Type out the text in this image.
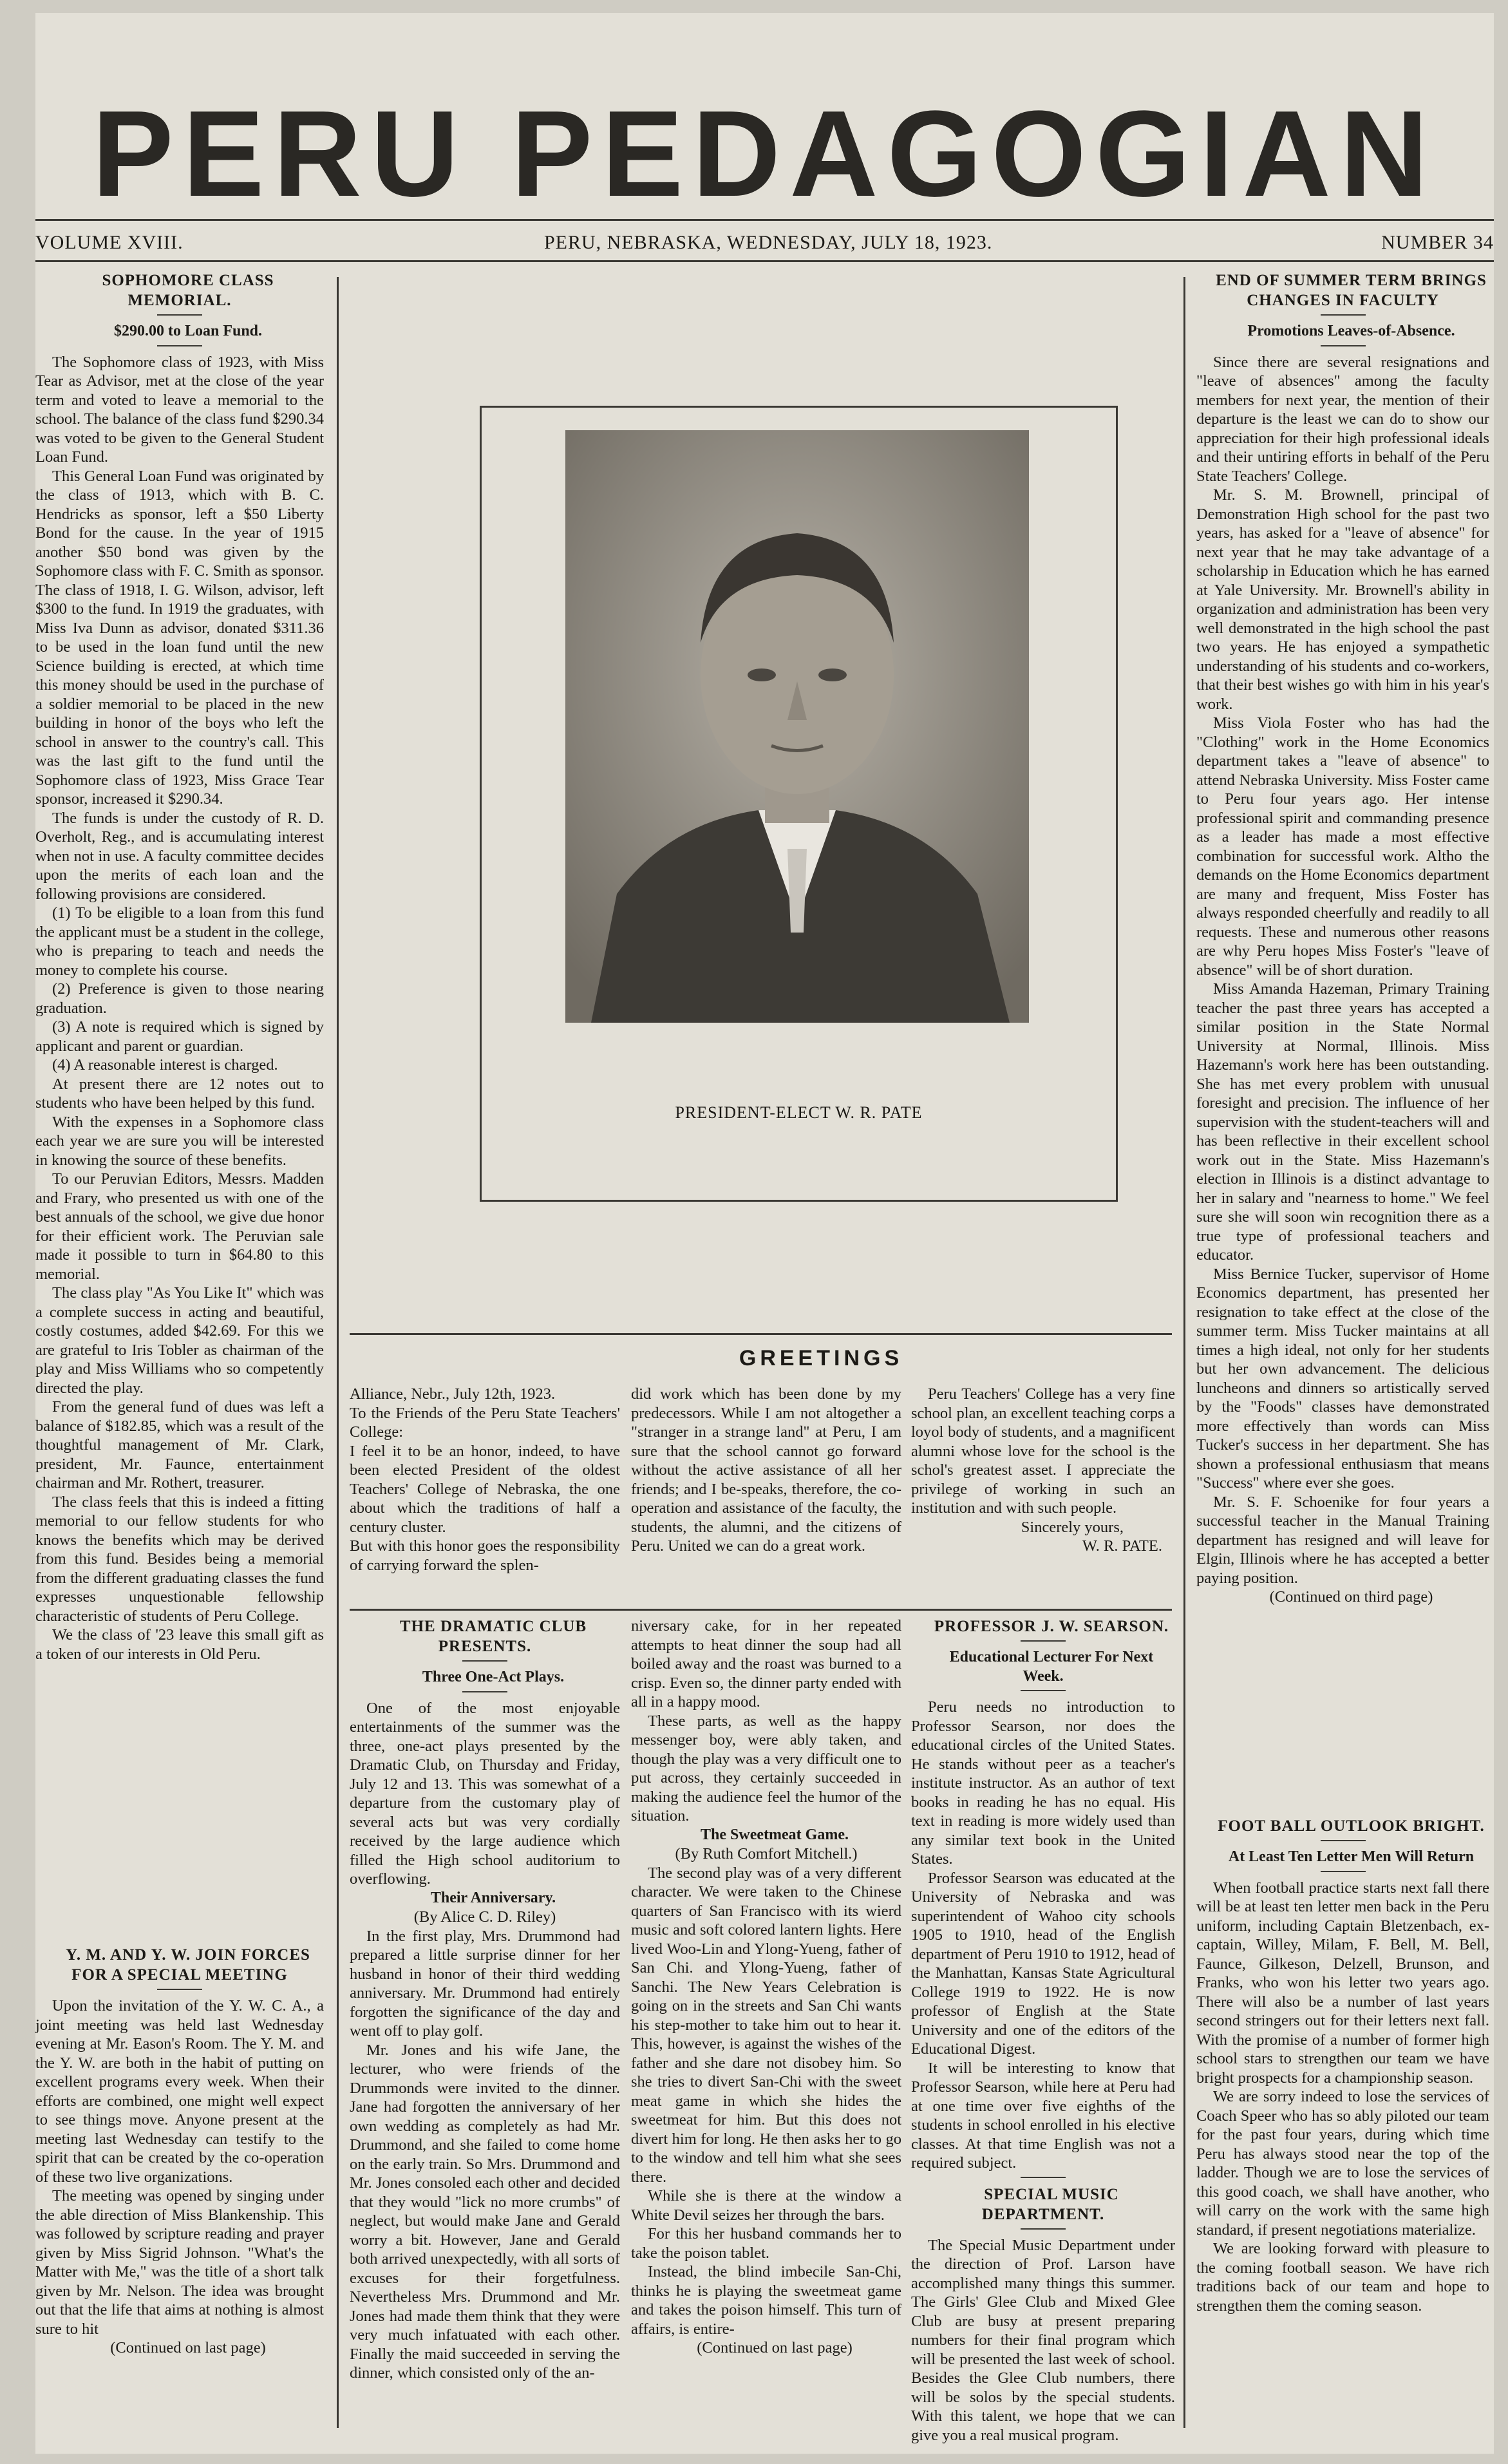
PERU PEDAGOGIAN
VOLUME XVIII.	PERU, NEBRASKA, WEDNESDAY, JULY 18, 1923.	NUMBER 34

SOPHOMORE CLASS MEMORIAL.

$290.00 to Loan Fund.

The Sophomore class of 1923, with Miss Tear as Advisor, met at the close of the year term and voted to leave a memorial to the school. The balance of the class fund $290.34 was voted to be given to the General Student Loan Fund.

This General Loan Fund was originated by the class of 1913, which with B. C. Hendricks as sponsor, left a $50 Liberty Bond for the cause. In the year of 1915 another $50 bond was given by the Sophomore class with F. C. Smith as sponsor. The class of 1918, I. G. Wilson, advisor, left $300 to the fund. In 1919 the graduates, with Miss Iva Dunn as advisor, donated $311.36 to be used in the loan fund until the new Science building is erected, at which time this money should be used in the purchase of a soldier memorial to be placed in the new building in honor of the boys who left the school in answer to the country's call. This was the last gift to the fund until the Sophomore class of 1923, Miss Grace Tear sponsor, increased it $290.34.

The funds is under the custody of R. D. Overholt, Reg., and is accumulating interest when not in use. A faculty committee decides upon the merits of each loan and the following provisions are considered.

(1) To be eligible to a loan from this fund the applicant must be a student in the college, who is preparing to teach and needs the money to complete his course.

(2) Preference is given to those nearing graduation.

(3) A note is required which is signed by applicant and parent or guardian.

(4) A reasonable interest is charged.

At present there are 12 notes out to students who have been helped by this fund.

With the expenses in a Sophomore class each year we are sure you will be interested in knowing the source of these benefits.

To our Peruvian Editors, Messrs. Madden and Frary, who presented us with one of the best annuals of the school, we give due honor for their efficient work. The Peruvian sale made it possible to turn in $64.80 to this memorial.

The class play "As You Like It" which was a complete success in acting and beautiful, costly costumes, added $42.69. For this we are grateful to Iris Tobler as chairman of the play and Miss Williams who so competently directed the play.

From the general fund of dues was left a balance of $182.85, which was a result of the thoughtful management of Mr. Clark, president, Mr. Faunce, entertainment chairman and Mr. Rothert, treasurer.

The class feels that this is indeed a fitting memorial to our fellow students for who knows the benefits which may be derived from this fund. Besides being a memorial from the different graduating classes the fund expresses unquestionable fellowship characteristic of students of Peru College.

We the class of '23 leave this small gift as a token of our interests in Old Peru.

Y. M. AND Y. W. JOIN FORCES FOR A SPECIAL MEETING

Upon the invitation of the Y. W. C. A., a joint meeting was held last Wednesday evening at Mr. Eason's Room. The Y. M. and the Y. W. are both in the habit of putting on excellent programs every week. When their efforts are combined, one might well expect to see things move. Anyone present at the meeting last Wednesday can testify to the spirit that can be created by the co-operation of these two live organizations.

The meeting was opened by singing under the able direction of Miss Blankenship. This was followed by scripture reading and prayer given by Miss Sigrid Johnson. "What's the Matter with Me," was the title of a short talk given by Mr. Nelson. The idea was brought out that the life that aims at nothing is almost sure to hit

(Continued on last page)

PRESIDENT-ELECT W. R. PATE
GREETINGS
Alliance, Nebr., July 12th, 1923.
To the Friends of the Peru State Teachers' College:
I feel it to be an honor, indeed, to have been elected President of the oldest Teachers' College of Nebraska, the one about which the traditions of half a century cluster.
But with this honor goes the responsibility of carrying forward the splen-
did work which has been done by my predecessors. While I am not altogether a "stranger in a strange land" at Peru, I am sure that the school cannot go forward without the active assistance of all her friends; and I be-speaks, therefore, the co-operation and assistance of the faculty, the students, the alumni, and the citizens of Peru. United we can do a great work.

Peru Teachers' College has a very fine school plan, an excellent teaching corps a loyol body of students, and a magnificent alumni whose love for the school is the schol's greatest asset. I appreciate the privilege of working in such an institution and with such people.

Sincerely yours,

W. R. PATE.

THE DRAMATIC CLUB PRESENTS.

Three One-Act Plays.

One of the most enjoyable entertainments of the summer was the three, one-act plays presented by the Dramatic Club, on Thursday and Friday, July 12 and 13. This was somewhat of a departure from the customary play of several acts but was very cordially received by the large audience which filled the High school auditorium to overflowing.

Their Anniversary.

(By Alice C. D. Riley)

In the first play, Mrs. Drummond had prepared a little surprise dinner for her husband in honor of their third wedding anniversary. Mr. Drummond had entirely forgotten the significance of the day and went off to play golf.

Mr. Jones and his wife Jane, the lecturer, who were friends of the Drummonds were invited to the dinner. Jane had forgotten the anniversary of her own wedding as completely as had Mr. Drummond, and she failed to come home on the early train. So Mrs. Drummond and Mr. Jones consoled each other and decided that they would "lick no more crumbs" of neglect, but would make Jane and Gerald worry a bit. However, Jane and Gerald both arrived unexpectedly, with all sorts of excuses for their forgetfulness. Nevertheless Mrs. Drummond and Mr. Jones had made them think that they were very much infatuated with each other. Finally the maid succeeded in serving the dinner, which consisted only of the an-

niversary cake, for in her repeated attempts to heat dinner the soup had all boiled away and the roast was burned to a crisp. Even so, the dinner party ended with all in a happy mood.

These parts, as well as the happy messenger boy, were ably taken, and though the play was a very difficult one to put across, they certainly succeeded in making the audience feel the humor of the situation.

The Sweetmeat Game.

(By Ruth Comfort Mitchell.)

The second play was of a very different character. We were taken to the Chinese quarters of San Francisco with its wierd music and soft colored lantern lights. Here lived Woo-Lin and Ylong-Yueng, father of San Chi. and Ylong-Yueng, father of Sanchi. The New Years Celebration is going on in the streets and San Chi wants his step-mother to take him out to hear it. This, however, is against the wishes of the father and she dare not disobey him. So she tries to divert San-Chi with the sweet meat game in which she hides the sweetmeat for him. But this does not divert him for long. He then asks her to go to the window and tell him what she sees there.

While she is there at the window a White Devil seizes her through the bars.

For this her husband commands her to take the poison tablet.

Instead, the blind imbecile San-Chi, thinks he is playing the sweetmeat game and takes the poison himself. This turn of affairs, is entire-

(Continued on last page)

PROFESSOR J. W. SEARSON.

Educational Lecturer For Next Week.

Peru needs no introduction to Professor Searson, nor does the educational circles of the United States. He stands without peer as a teacher's institute instructor. As an author of text books in reading he has no equal. His text in reading is more widely used than any similar text book in the United States.

Professor Searson was educated at the University of Nebraska and was superintendent of Wahoo city schools 1905 to 1910, head of the English department of Peru 1910 to 1912, head of the Manhattan, Kansas State Agricultural College 1919 to 1922. He is now professor of English at the State University and one of the editors of the Educational Digest.

It will be interesting to know that Professor Searson, while here at Peru had at one time over five eighths of the students in school enrolled in his elective classes. At that time English was not a required subject.

SPECIAL MUSIC DEPARTMENT.

The Special Music Department under the direction of Prof. Larson have accomplished many things this summer. The Girls' Glee Club and Mixed Glee Club are busy at present preparing numbers for their final program which will be presented the last week of school. Besides the Glee Club numbers, there will be solos by the special students. With this talent, we hope that we can give you a real musical program.

END OF SUMMER TERM BRINGS CHANGES IN FACULTY

Promotions Leaves-of-Absence.

Since there are several resignations and "leave of absences" among the faculty members for next year, the mention of their departure is the least we can do to show our appreciation for their high professional ideals and their untiring efforts in behalf of the Peru State Teachers' College.

Mr. S. M. Brownell, principal of Demonstration High school for the past two years, has asked for a "leave of absence" for next year that he may take advantage of a scholarship in Education which he has earned at Yale University. Mr. Brownell's ability in organization and administration has been very well demonstrated in the high school the past two years. He has enjoyed a sympathetic understanding of his students and co-workers, that their best wishes go with him in his year's work.

Miss Viola Foster who has had the "Clothing" work in the Home Economics department takes a "leave of absence" to attend Nebraska University. Miss Foster came to Peru four years ago. Her intense professional spirit and commanding presence as a leader has made a most effective combination for successful work. Altho the demands on the Home Economics department are many and frequent, Miss Foster has always responded cheerfully and readily to all requests. These and numerous other reasons are why Peru hopes Miss Foster's "leave of absence" will be of short duration.

Miss Amanda Hazeman, Primary Training teacher the past three years has accepted a similar position in the State Normal University at Normal, Illinois. Miss Hazemann's work here has been outstanding. She has met every problem with unusual foresight and precision. The influence of her supervision with the student-teachers will and has been reflective in their excellent school work out in the State. Miss Hazemann's election in Illinois is a distinct advantage to her in salary and "nearness to home." We feel sure she will soon win recognition there as a true type of professional teachers and educator.

Miss Bernice Tucker, supervisor of Home Economics department, has presented her resignation to take effect at the close of the summer term. Miss Tucker maintains at all times a high ideal, not only for her students but her own advancement. The delicious luncheons and dinners so artistically served by the "Foods" classes have demonstrated more effectively than words can Miss Tucker's success in her department. She has shown a professional enthusiasm that means "Success" where ever she goes.

Mr. S. F. Schoenike for four years a successful teacher in the Manual Training department has resigned and will leave for Elgin, Illinois where he has accepted a better paying position.

(Continued on third page)

FOOT BALL OUTLOOK BRIGHT.

At Least Ten Letter Men Will Return

When football practice starts next fall there will be at least ten letter men back in the Peru uniform, including Captain Bletzenbach, ex-captain, Willey, Milam, F. Bell, M. Bell, Faunce, Gilkeson, Delzell, Brunson, and Franks, who won his letter two years ago. There will also be a number of last years second stringers out for their letters next fall. With the promise of a number of former high school stars to strengthen our team we have bright prospects for a championship season.

We are sorry indeed to lose the services of Coach Speer who has so ably piloted our team for the past four years, during which time Peru has always stood near the top of the ladder. Though we are to lose the services of this good coach, we shall have another, who will carry on the work with the same high standard, if present negotiations materialize.

We are looking forward with pleasure to the coming football season. We have rich traditions back of our team and hope to strengthen them the coming season.
